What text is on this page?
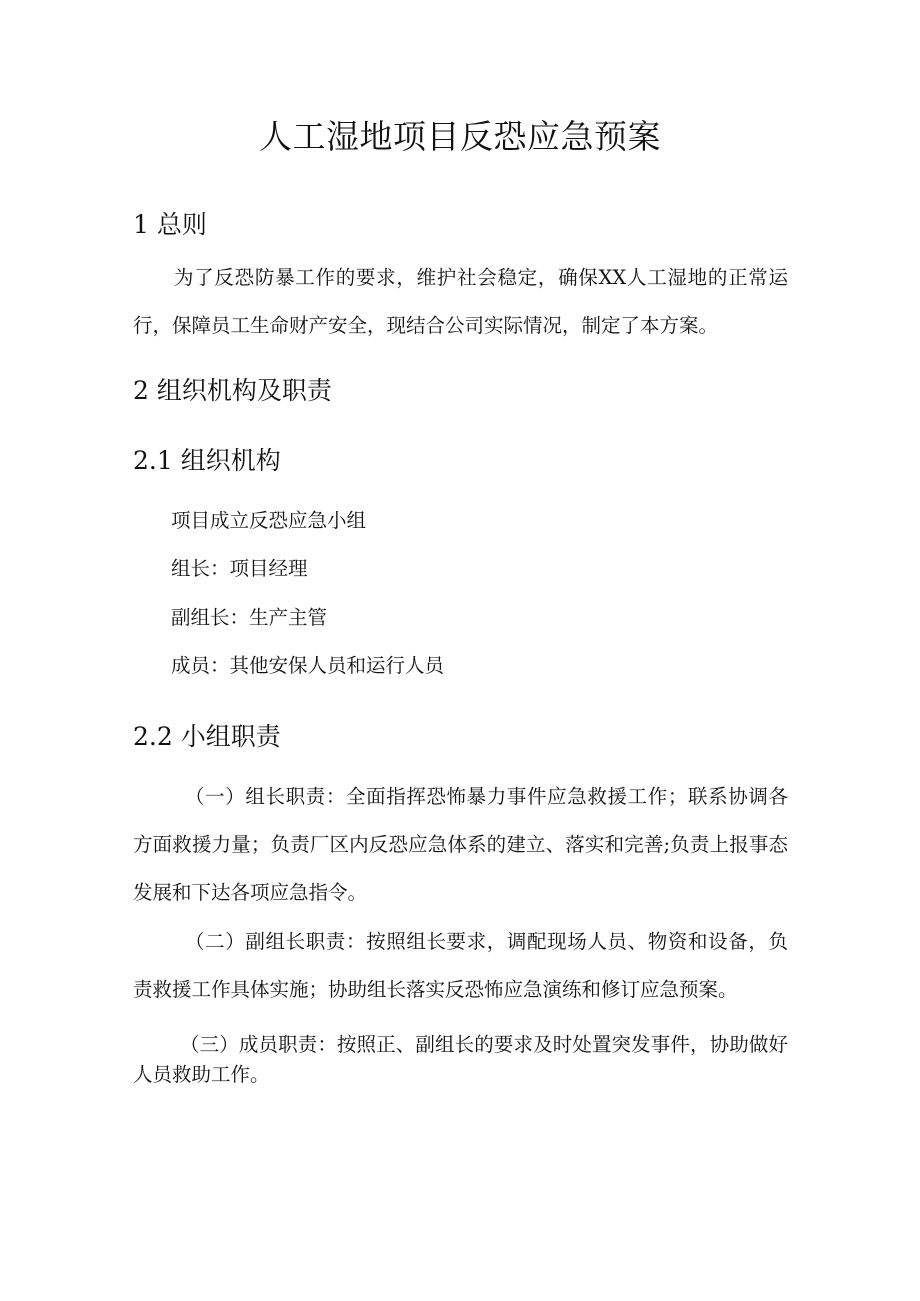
人工湿地项目反恐应急预案
1 总则
为了反恐防暴工作的要求，维护社会稳定，确保XX人工湿地的正常运行，保障员工生命财产安全，现结合公司实际情况，制定了本方案。
2 组织机构及职责
2.1 组织机构
项目成立反恐应急小组
组长：项目经理
副组长：生产主管
成员：其他安保人员和运行人员
2.2 小组职责
（一）组长职责：全面指挥恐怖暴力事件应急救援工作；联系协调各方面救援力量；负责厂区内反恐应急体系的建立、落实和完善;负责上报事态发展和下达各项应急指令。
（二）副组长职责：按照组长要求，调配现场人员、物资和设备，负责救援工作具体实施；协助组长落实反恐怖应急演练和修订应急预案。
（三）成员职责：按照正、副组长的要求及时处置突发事件，协助做好人员救助工作。
